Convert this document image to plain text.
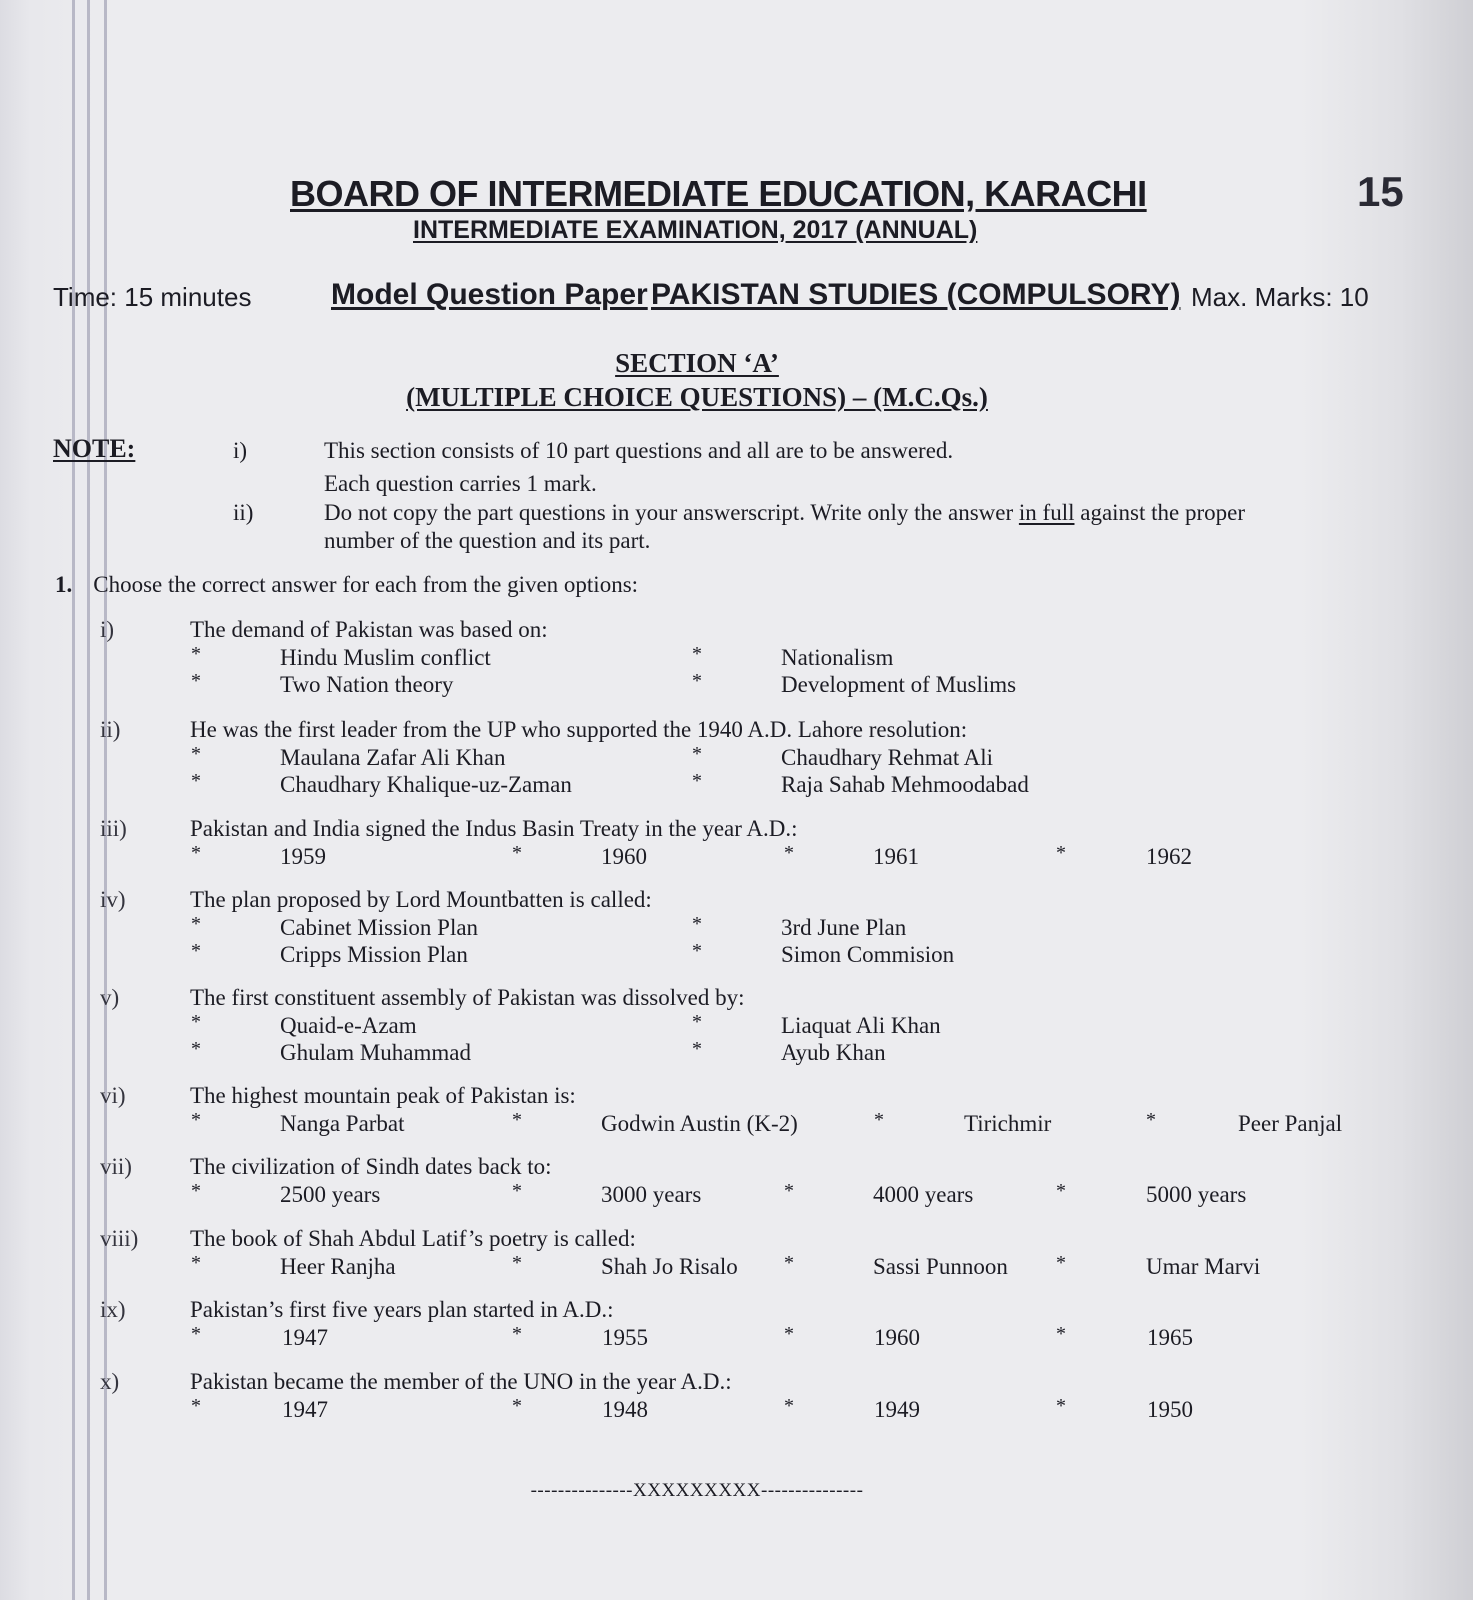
BOARD OF INTERMEDIATE EDUCATION, KARACHI
INTERMEDIATE EXAMINATION, 2017 (ANNUAL)
15
Time: 15 minutes	Model Question Paper PAKISTAN STUDIES (COMPULSORY) Max. Marks: 10
SECTION ‘A’
(MULTIPLE CHOICE QUESTIONS) – (M.C.Qs.)
NOTE:	i)	This section consists of 10 part questions and all are to be answered.
Each question carries 1 mark.
ii)	Do not copy the part questions in your answerscript. Write only the answer in full against the proper
number of the question and its part.
1. Choose the correct answer for each from the given options:
i)	The demand of Pakistan was based on:
*	Hindu Muslim conflict	*	Nationalism
*	Two Nation theory	*	Development of Muslims
ii)	He was the first leader from the UP who supported the 1940 A.D. Lahore resolution:
*	Maulana Zafar Ali Khan	*	Chaudhary Rehmat Ali
*	Chaudhary Khalique-uz-Zaman	*	Raja Sahab Mehmoodabad
iii)	Pakistan and India signed the Indus Basin Treaty in the year A.D.:
*	1959	*	1960	*	1961	*	1962
iv)	The plan proposed by Lord Mountbatten is called:
*	Cabinet Mission Plan	*	3rd June Plan
*	Cripps Mission Plan	*	Simon Commision
v)	The first constituent assembly of Pakistan was dissolved by:
*	Quaid-e-Azam	*	Liaquat Ali Khan
*	Ghulam Muhammad	*	Ayub Khan
vi)	The highest mountain peak of Pakistan is:
*	Nanga Parbat	*	Godwin Austin (K-2)	*	Tirichmir	*	Peer Panjal
vii)	The civilization of Sindh dates back to:
*	2500 years	*	3000 years	*	4000 years	*	5000 years
viii) The book of Shah Abdul Latif’s poetry is called:
*	Heer Ranjha	*	Shah Jo Risalo *	Sassi Punnoon *	Umar Marvi
ix)	Pakistan’s first five years plan started in A.D.:
*	1947	*	1955	*	1960	*	1965
x)	Pakistan became the member of the UNO in the year A.D.:
*	1947	*	1948	*	1949	*	1950
---------------XXXXXXXXX---------------
